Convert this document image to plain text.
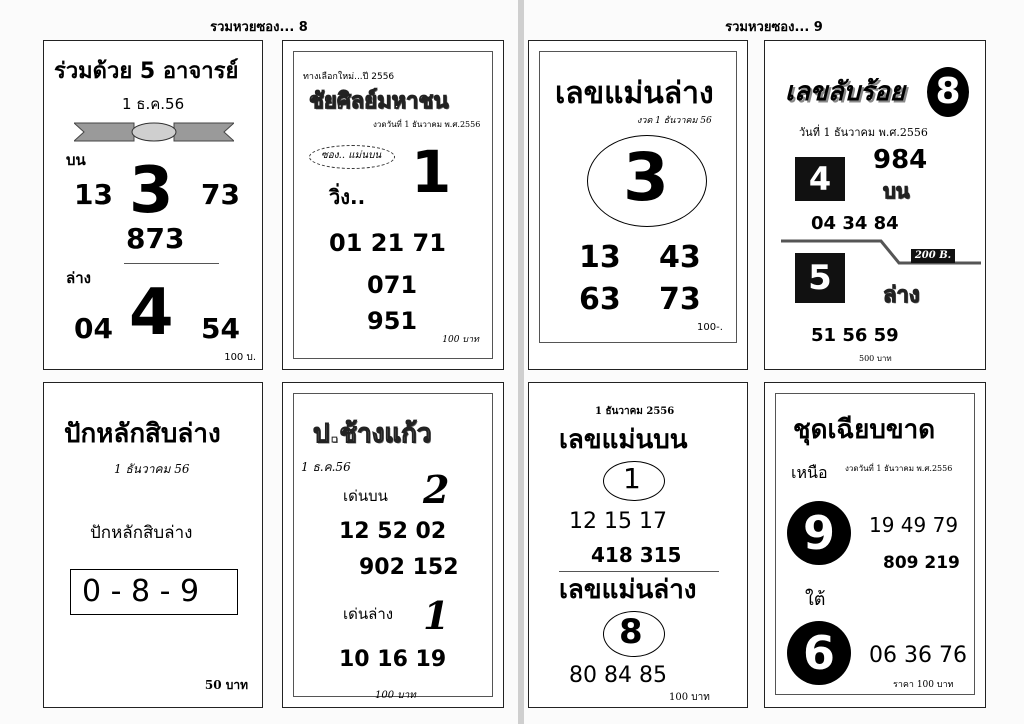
รวมหวยซอง... 8
ร่วมด้วย 5 อาจารย์
1 ธ.ค.56
บน
13 3 73
873
ล่าง
04 4 54
100 บ.
ทางเลือกใหม่...ปี 2556
ชัยศิลย์มหาชน
งวดวันที่ 1 ธันวาคม พ.ศ.2556
ซอง.. แม่นบน
วิ่ง.. 1
01 21 71
071
951
100 บาท
ปักหลักสิบล่าง
1 ธันวาคม 56
ปักหลักสิบล่าง
0 - 8 - 9
50 บาท
ป.ช้างแก้ว
1 ธ.ค.56
เด่นบน 2
12 52 02
902 152
เด่นล่าง 1
10 16 19
100 บาท
รวมหวยซอง... 9
เลขแม่นล่าง
งวด 1 ธันวาคม 56
3
13 43
63 73
100-.
เลขลับร้อย 8
วันที่ 1 ธันวาคม พ.ศ.2556
4	984
บน
04 34 84
200 B.
5	ล่าง
51 56 59
500 บาท
1 ธันวาคม 2556
เลขแม่นบน
1
12 15 17
418 315
เลขแม่นล่าง
8
80 84 85
100 บาท
ชุดเฉียบขาด
เหนือ งวดวันที่ 1 ธันวาคม พ.ศ.2556
9	19 49 79
809 219
ใต้
6	06 36 76
ราคา 100 บาท
